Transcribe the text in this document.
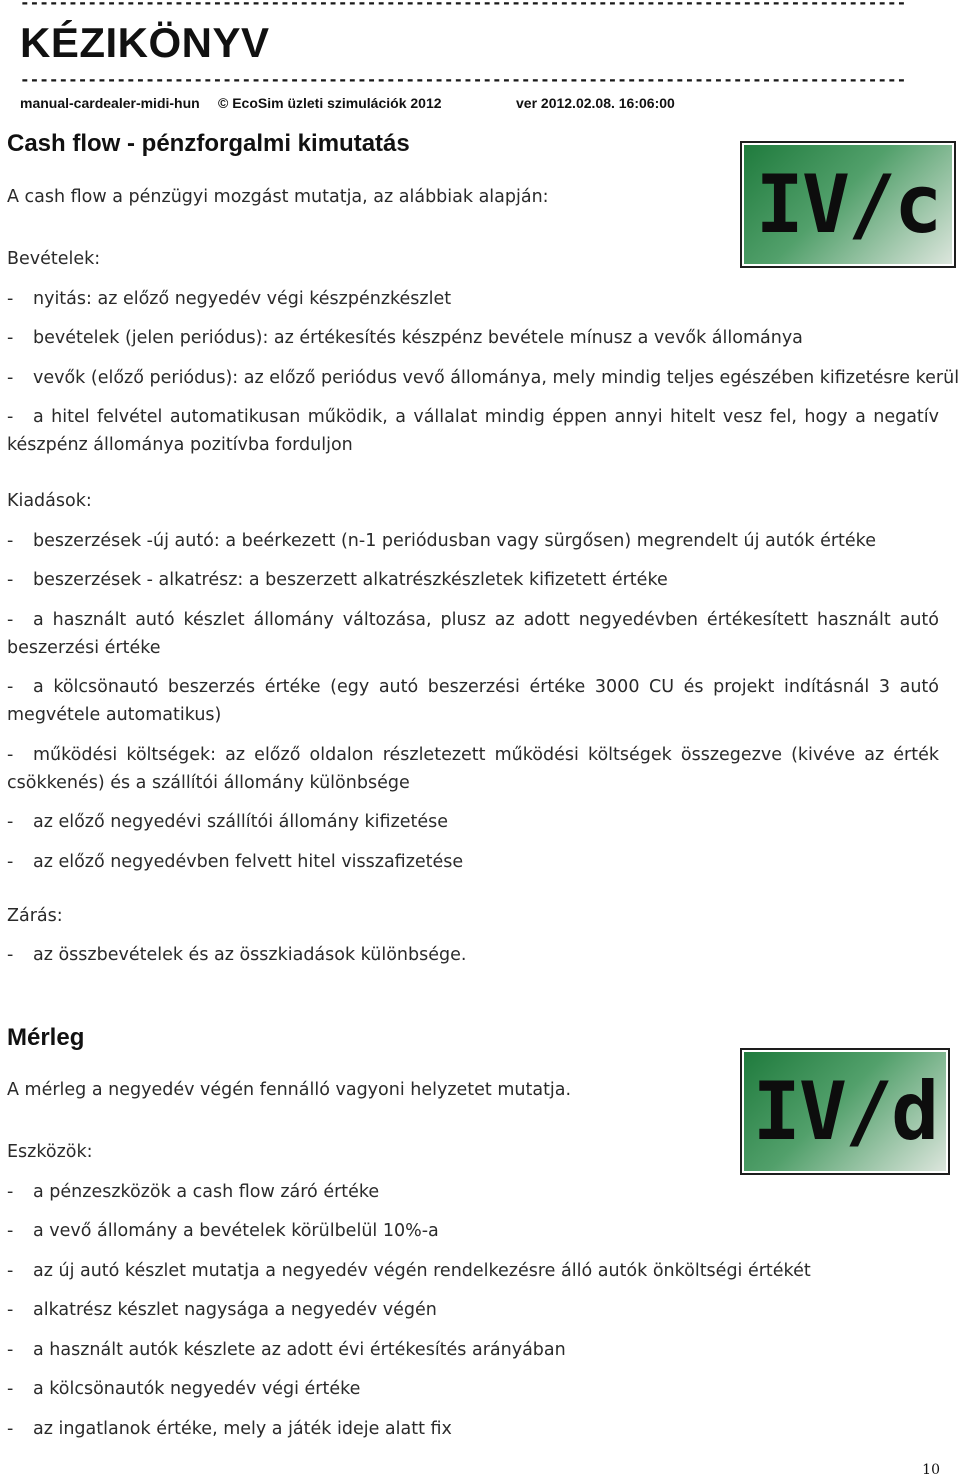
--------------------------------------------------------------------------------------------
KÉZIKÖNYV
--------------------------------------------------------------------------------------------
manual-cardealer-midi-hun © EcoSim üzleti szimulációk 2012	ver 2012.02.08. 16:06:00
Cash flow - pénzforgalmi kimutatás
IV/c
A cash flow a pénzügyi mozgást mutatja, az alábbiak alapján:
Bevételek:
- nyitás: az előző negyedév végi készpénzkészlet
- bevételek (jelen periódus): az értékesítés készpénz bevétele mínusz a vevők állománya
- vevők (előző periódus): az előző periódus vevő állománya, mely mindig teljes egészében kifizetésre kerül
- a hitel felvétel automatikusan működik, a vállalat mindig éppen annyi hitelt vesz fel, hogy a negatív készpénz állománya pozitívba forduljon
Kiadások:
- beszerzések -új autó: a beérkezett (n-1 periódusban vagy sürgősen) megrendelt új autók értéke
- beszerzések - alkatrész: a beszerzett alkatrészkészletek kifizetett értéke
- a használt autó készlet állomány változása, plusz az adott negyedévben értékesített használt autó beszerzési értéke
- a kölcsönautó beszerzés értéke (egy autó beszerzési értéke 3000 CU és projekt indításnál 3 autó megvétele automatikus)
- működési költségek: az előző oldalon részletezett működési költségek összegezve (kivéve az érték csökkenés) és a szállítói állomány különbsége
- az előző negyedévi szállítói állomány kifizetése
- az előző negyedévben felvett hitel visszafizetése
Zárás:
- az összbevételek és az összkiadások különbsége.
Mérleg
IV/d
A mérleg a negyedév végén fennálló vagyoni helyzetet mutatja.
Eszközök:
- a pénzeszközök a cash flow záró értéke
- a vevő állomány a bevételek körülbelül 10%-a
- az új autó készlet mutatja a negyedév végén rendelkezésre álló autók önköltségi értékét
- alkatrész készlet nagysága a negyedév végén
- a használt autók készlete az adott évi értékesítés arányában
- a kölcsönautók negyedév végi értéke
- az ingatlanok értéke, mely a játék ideje alatt fix
10
